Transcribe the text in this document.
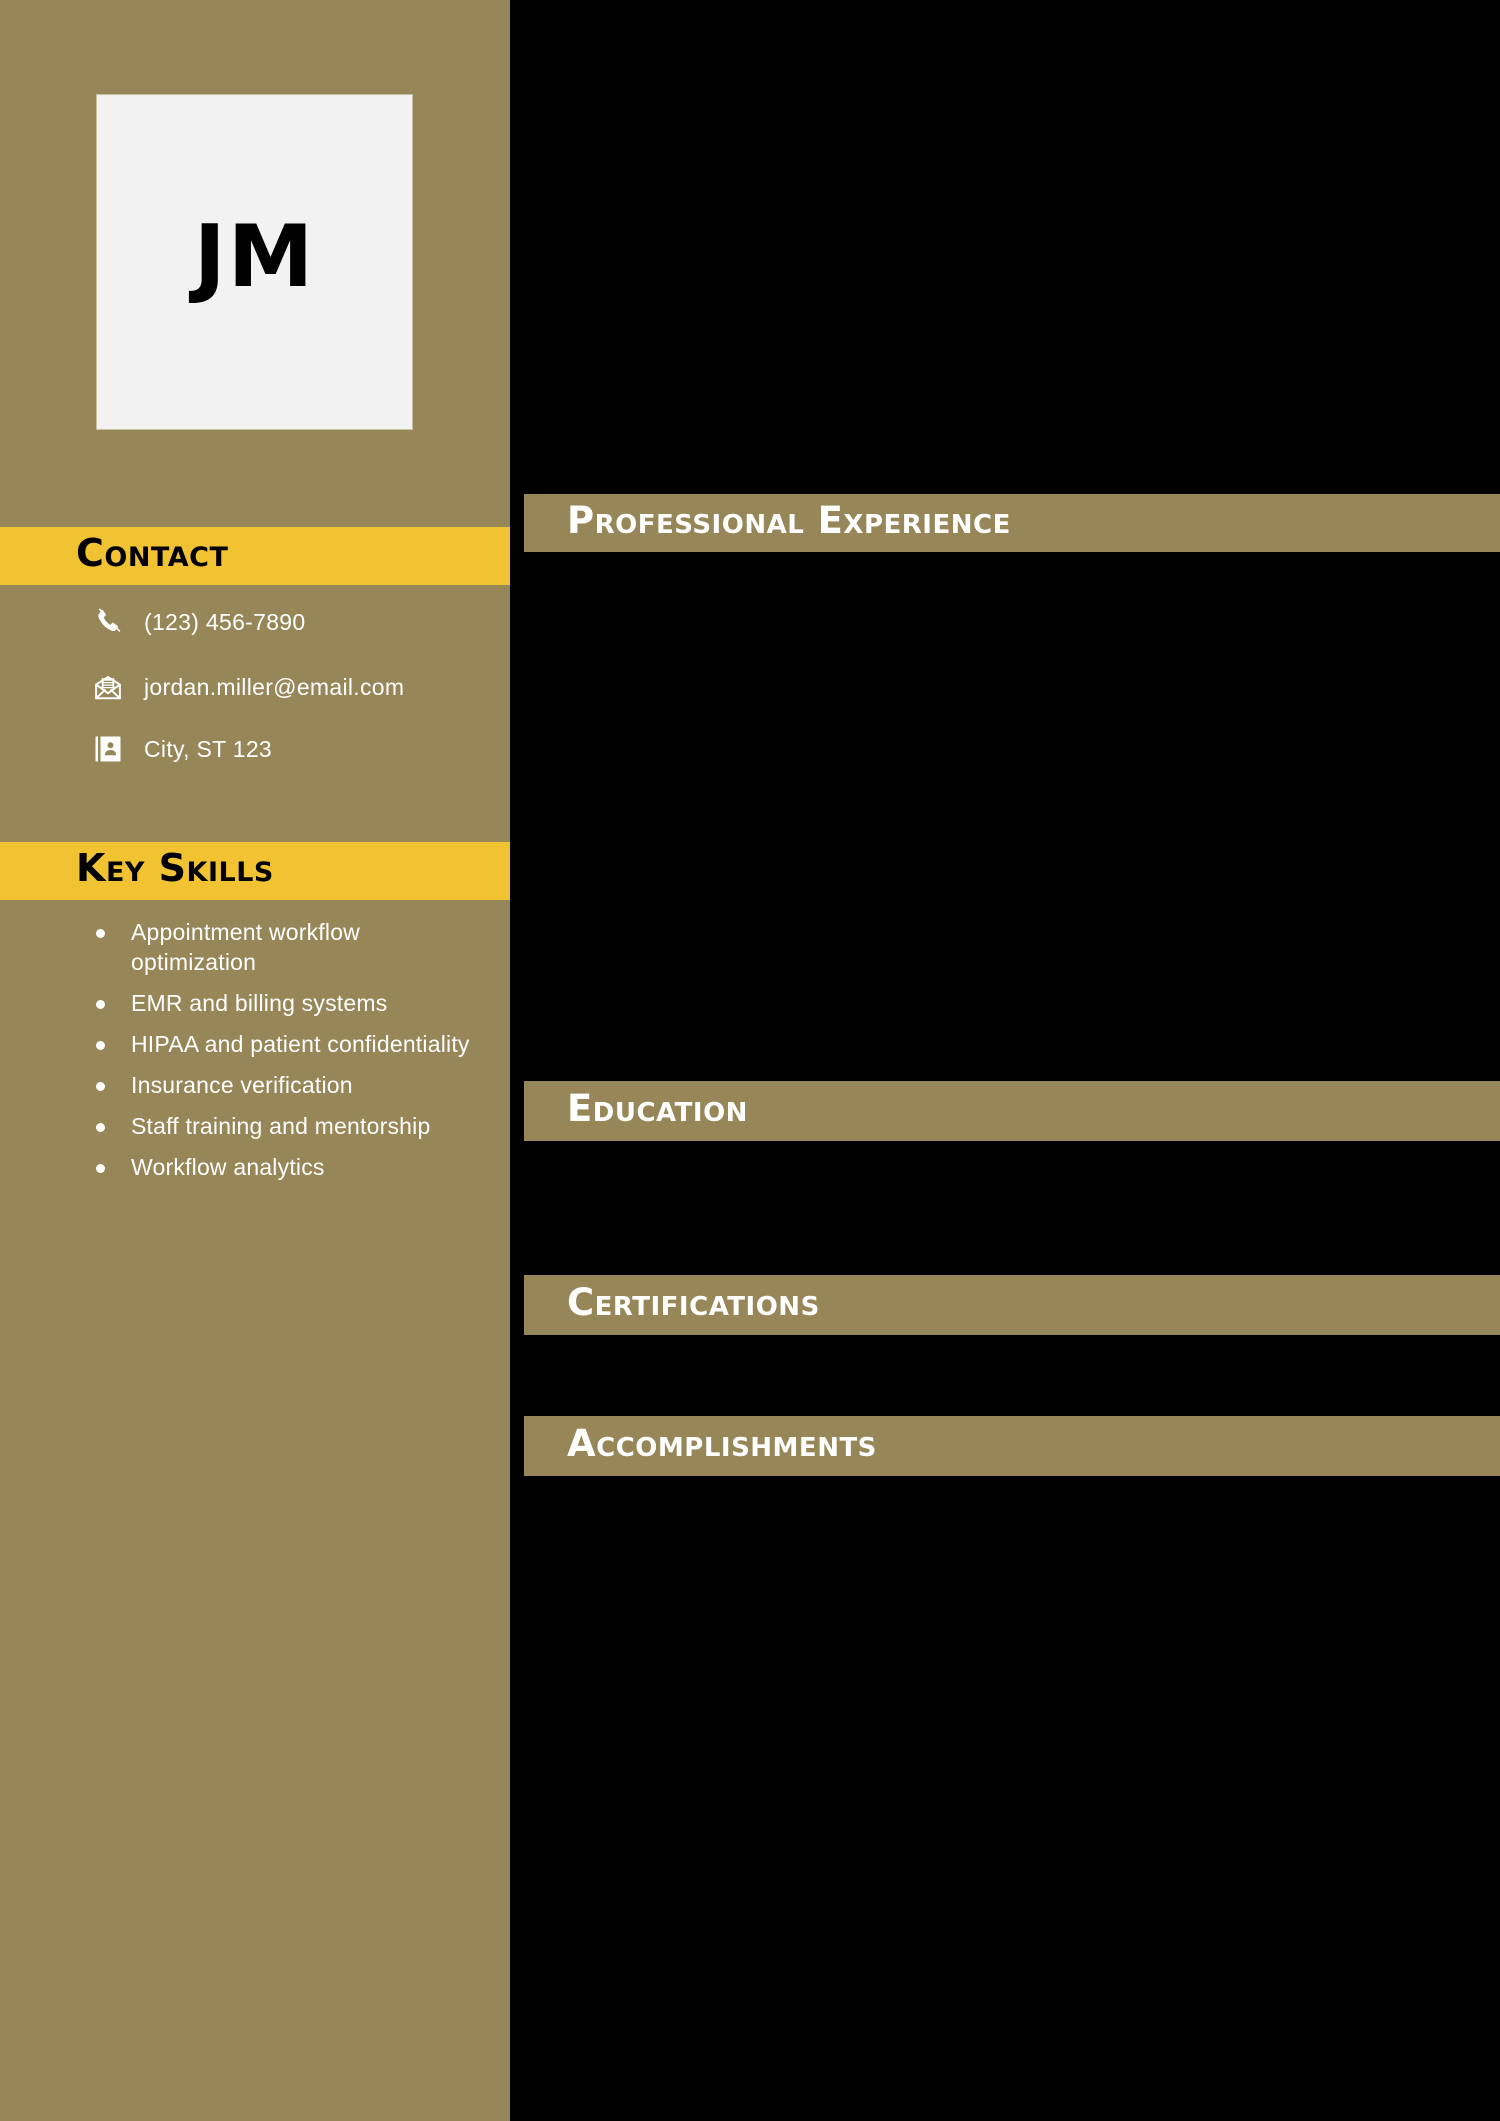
JM
Contact
(123) 456-7890
jordan.miller@email.com
City, ST 123
Key Skills
Appointment workflow optimization
EMR and billing systems
HIPAA and patient confidentiality
Insurance verification
Staff training and mentorship
Workflow analytics
Professional Experience
Education
Certifications
Accomplishments
